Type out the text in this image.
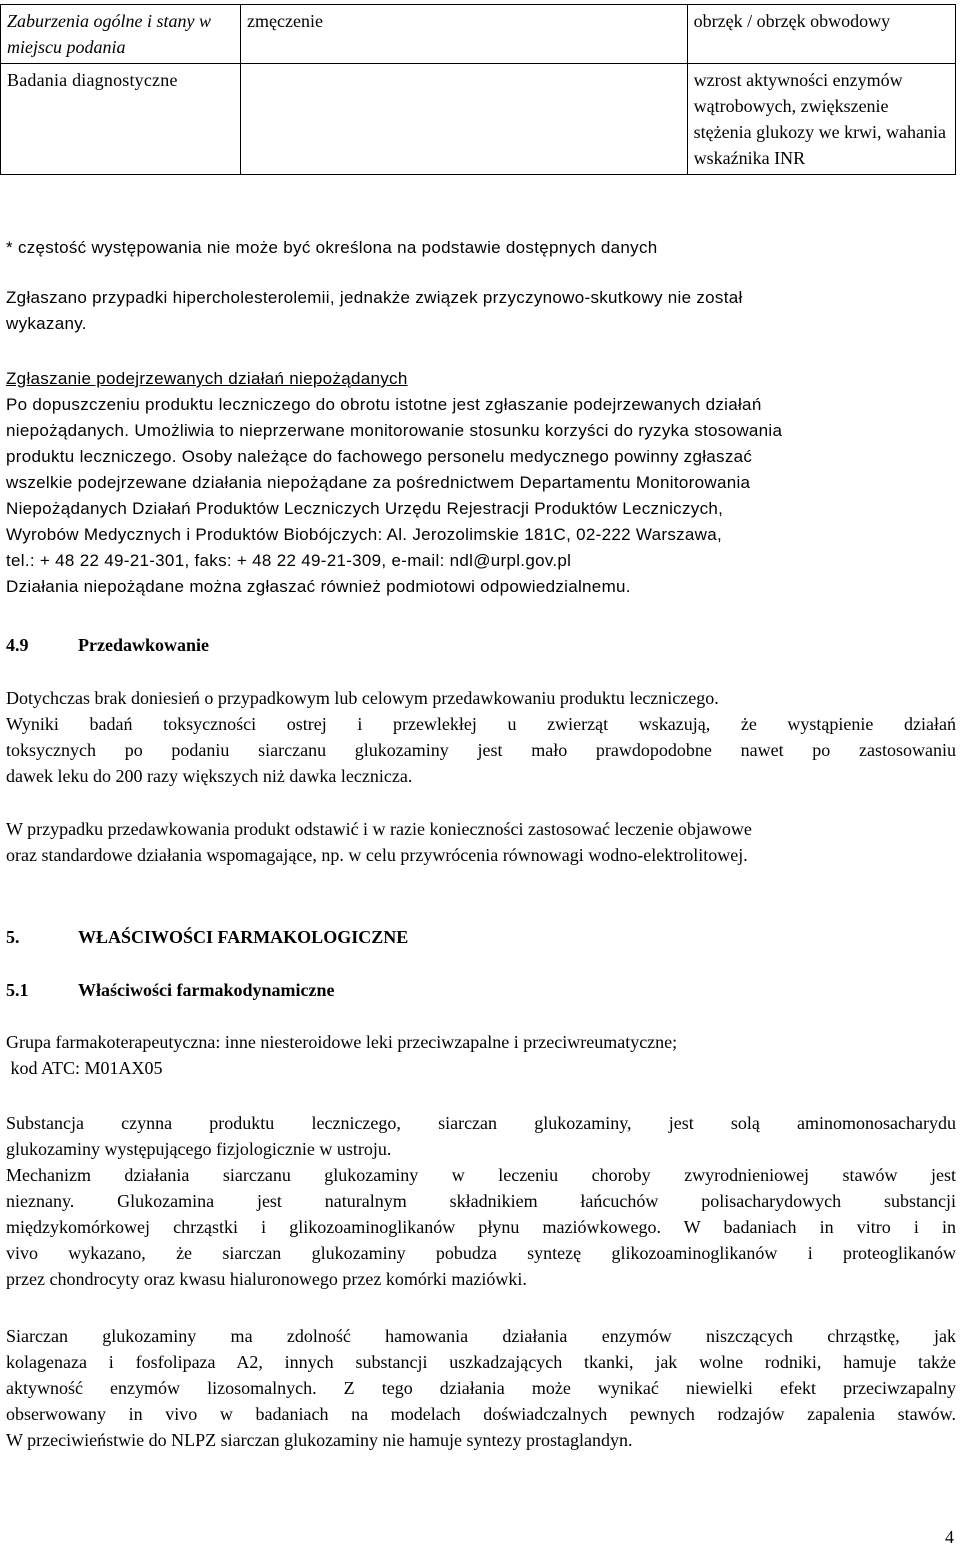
Zaburzenia ogólne i stany w miejscu podania	zmęczenie	obrzęk / obrzęk obwodowy
Badania diagnostyczne		wzrost aktywności enzymów wątrobowych, zwiększenie stężenia glukozy we krwi, wahania wskaźnika INR
* częstość występowania nie może być określona na podstawie dostępnych danych

Zgłaszano przypadki hipercholesterolemii, jednakże związek przyczynowo-skutkowy nie został
wykazany.

Zgłaszanie podejrzewanych działań niepożądanych
Po dopuszczeniu produktu leczniczego do obrotu istotne jest zgłaszanie podejrzewanych działań
niepożądanych. Umożliwia to nieprzerwane monitorowanie stosunku korzyści do ryzyka stosowania
produktu leczniczego. Osoby należące do fachowego personelu medycznego powinny zgłaszać
wszelkie podejrzewane działania niepożądane za pośrednictwem Departamentu Monitorowania
Niepożądanych Działań Produktów Leczniczych Urzędu Rejestracji Produktów Leczniczych,
Wyrobów Medycznych i Produktów Biobójczych: Al. Jerozolimskie 181C, 02-222 Warszawa,
tel.: + 48 22 49-21-301, faks: + 48 22 49-21-309, e-mail: ndl@urpl.gov.pl
Działania niepożądane można zgłaszać również podmiotowi odpowiedzialnemu.

4.9	Przedawkowanie

Dotychczas brak doniesień o przypadkowym lub celowym przedawkowaniu produktu leczniczego.
Wyniki badań toksyczności ostrej i przewlekłej u zwierząt wskazują, że wystąpienie działań
toksycznych po podaniu siarczanu glukozaminy jest mało prawdopodobne nawet po zastosowaniu
dawek leku do 200 razy większych niż dawka lecznicza.

W przypadku przedawkowania produkt odstawić i w razie konieczności zastosować leczenie objawowe
oraz standardowe działania wspomagające, np. w celu przywrócenia równowagi wodno-elektrolitowej.

5.	WŁAŚCIWOŚCI FARMAKOLOGICZNE
5.1	Właściwości farmakodynamiczne

Grupa farmakoterapeutyczna: inne niesteroidowe leki przeciwzapalne i przeciwreumatyczne;
kod ATC: M01AX05

Substancja czynna produktu leczniczego, siarczan glukozaminy, jest solą aminomonosacharydu
glukozaminy występującego fizjologicznie w ustroju.
Mechanizm działania siarczanu glukozaminy w leczeniu choroby zwyrodnieniowej stawów jest
nieznany. Glukozamina jest naturalnym składnikiem łańcuchów polisacharydowych substancji
międzykomórkowej chrząstki i glikozoaminoglikanów płynu maziówkowego. W badaniach in vitro i in
vivo wykazano, że siarczan glukozaminy pobudza syntezę glikozoaminoglikanów i proteoglikanów
przez chondrocyty oraz kwasu hialuronowego przez komórki maziówki.

Siarczan glukozaminy ma zdolność hamowania działania enzymów niszczących chrząstkę, jak
kolagenaza i fosfolipaza A2, innych substancji uszkadzających tkanki, jak wolne rodniki, hamuje także
aktywność enzymów lizosomalnych. Z tego działania może wynikać niewielki efekt przeciwzapalny
obserwowany in vivo w badaniach na modelach doświadczalnych pewnych rodzajów zapalenia stawów.
W przeciwieństwie do NLPZ siarczan glukozaminy nie hamuje syntezy prostaglandyn.

4
